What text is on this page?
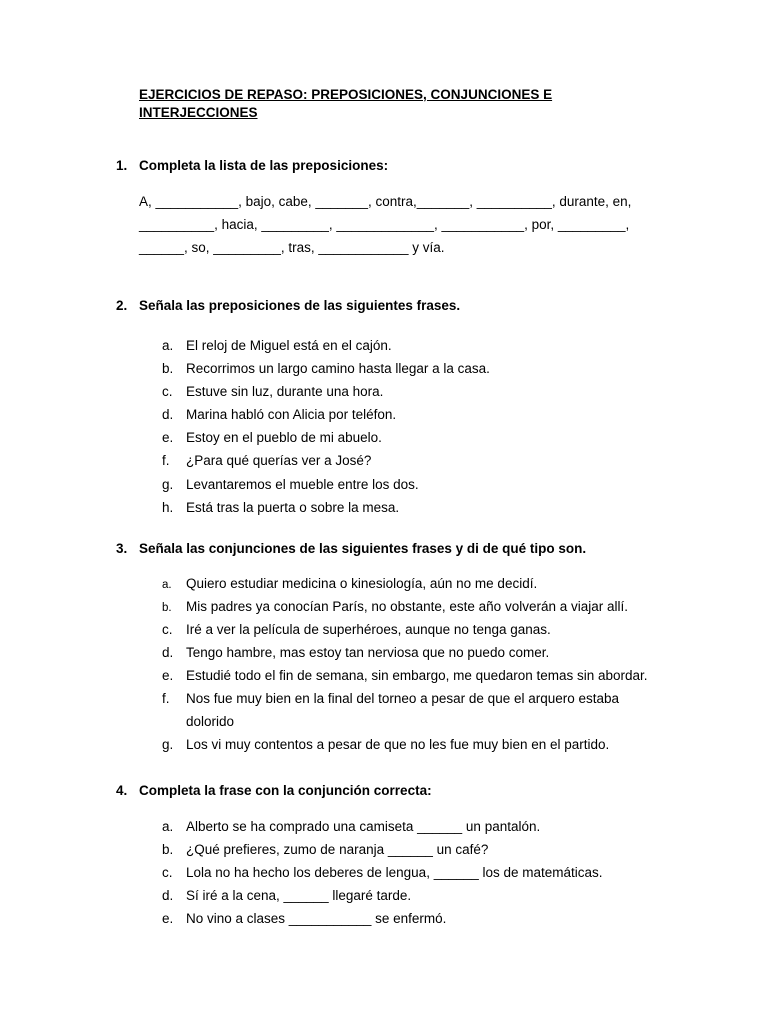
EJERCICIOS DE REPASO: PREPOSICIONES, CONJUNCIONES E INTERJECCIONES
1. Completa la lista de las preposiciones:
A, ___________, bajo, cabe, _______, contra,_______, __________, durante, en,
__________, hacia, _________, _____________, ___________, por, _________,
______, so, _________, tras, ____________ y vía.
2. Señala las preposiciones de las siguientes frases.
a. El reloj de Miguel está en el cajón.
b. Recorrimos un largo camino hasta llegar a la casa.
c. Estuve sin luz, durante una hora.
d. Marina habló con Alicia por teléfon.
e. Estoy en el pueblo de mi abuelo.
f. ¿Para qué querías ver a José?
g. Levantaremos el mueble entre los dos.
h. Está tras la puerta o sobre la mesa.
3. Señala las conjunciones de las siguientes frases y di de qué tipo son.
a. Quiero estudiar medicina o kinesiología, aún no me decidí.
b. Mis padres ya conocían París, no obstante, este año volverán a viajar allí.
c. Iré a ver la película de superhéroes, aunque no tenga ganas.
d. Tengo hambre, mas estoy tan nerviosa que no puedo comer.
e. Estudié todo el fin de semana, sin embargo, me quedaron temas sin abordar.
f. Nos fue muy bien en la final del torneo a pesar de que el arquero estaba
dolorido
g. Los vi muy contentos a pesar de que no les fue muy bien en el partido.
4. Completa la frase con la conjunción correcta:
a. Alberto se ha comprado una camiseta ______ un pantalón.
b. ¿Qué prefieres, zumo de naranja ______ un café?
c. Lola no ha hecho los deberes de lengua, ______ los de matemáticas.
d. Sí iré a la cena, ______ llegaré tarde.
e. No vino a clases ___________ se enfermó.
